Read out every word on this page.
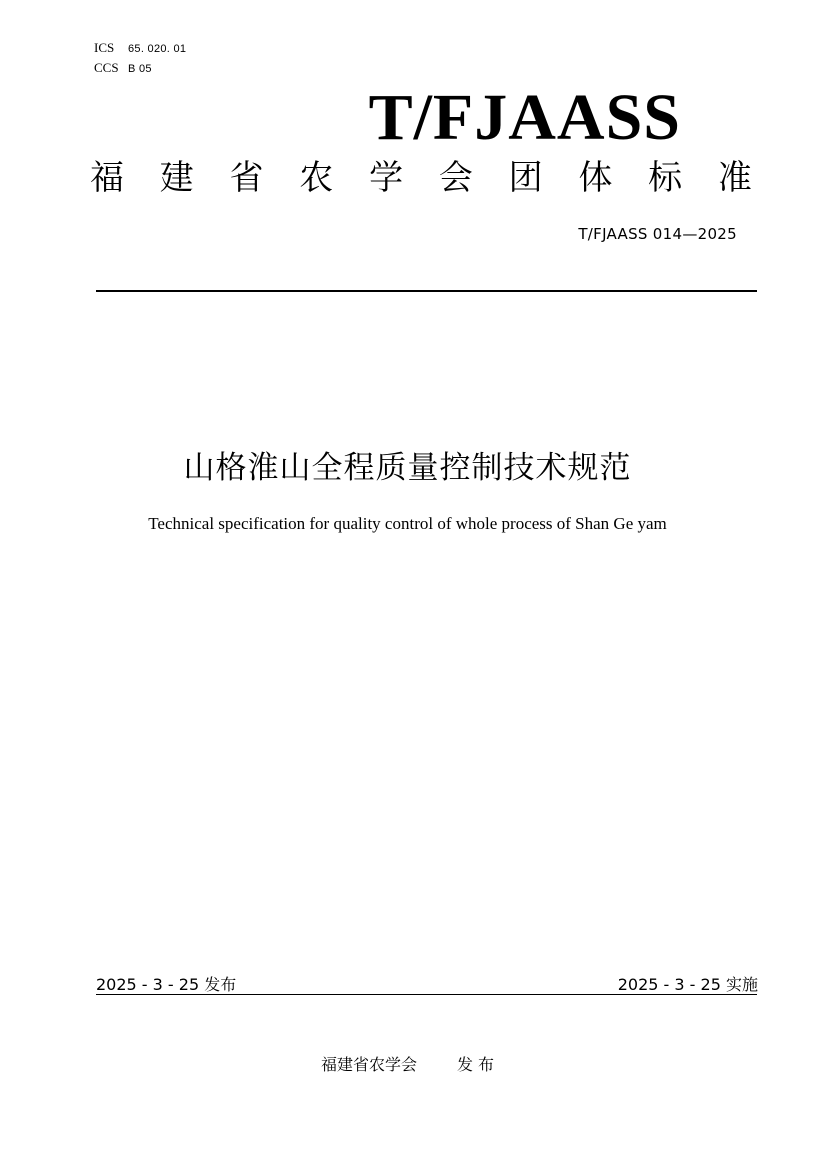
ICS	65. 020. 01
CCS B 05
T/FJAASS
福 建 省 农 学 会 团 体 标 准
T/FJAASS 014—2025
山格淮山全程质量控制技术规范
Technical specification for quality control of whole process of Shan Ge yam
2025 - 3 - 25 发布	2025 - 3 - 25 实施
福建省农学会	发 布
